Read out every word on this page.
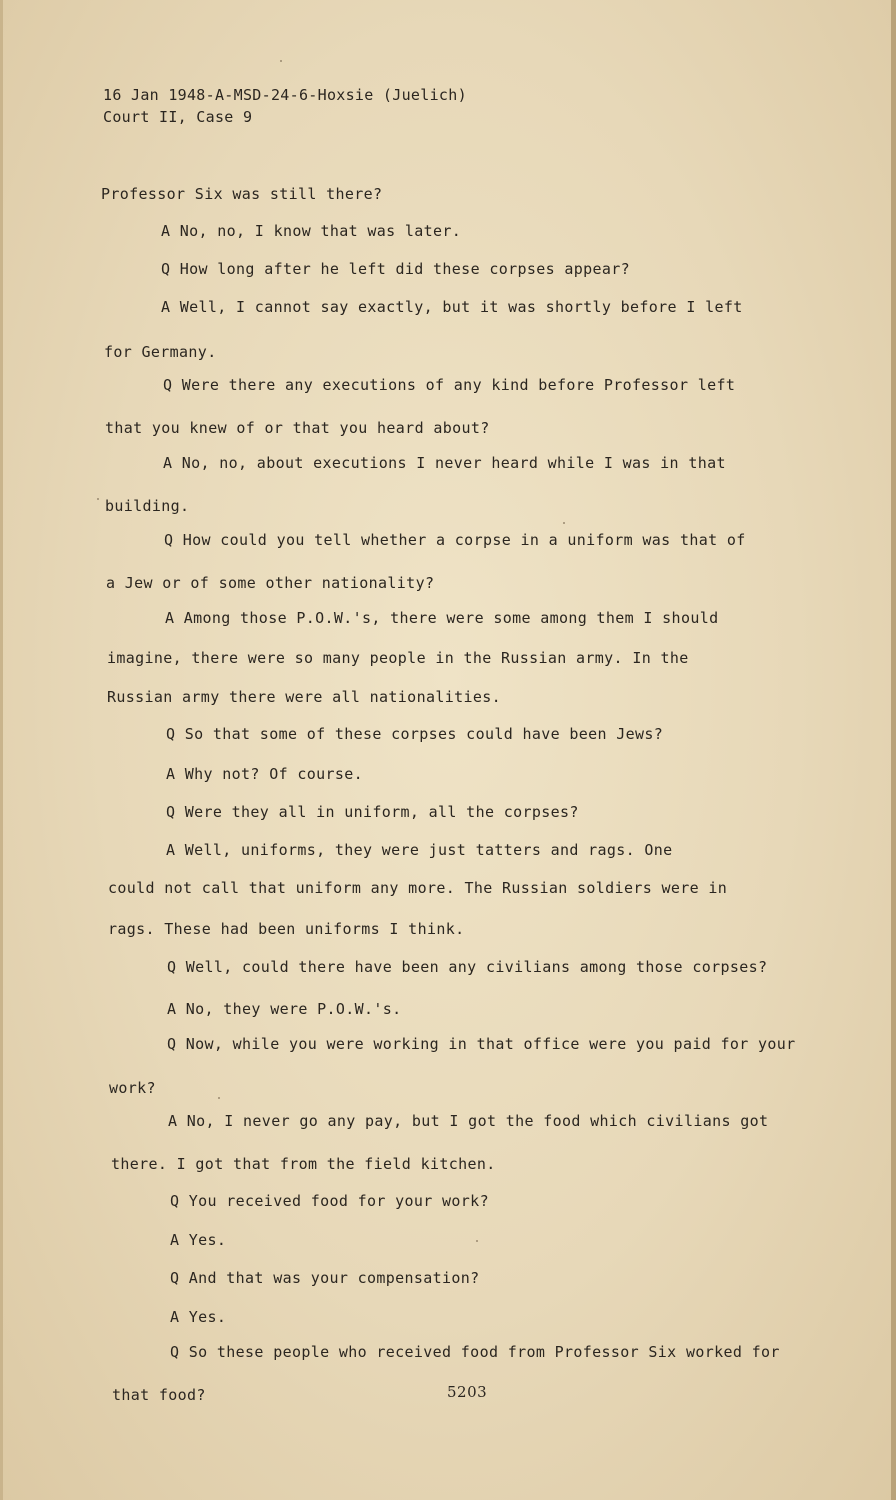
16 Jan 1948-A-MSD-24-6-Hoxsie (Juelich)
Court II, Case 9
Professor Six was still there?
A No, no, I know that was later.
Q How long after he left did these corpses appear?
A Well, I cannot say exactly, but it was shortly before I left
for Germany.
Q Were there any executions of any kind before Professor left
that you knew of or that you heard about?
A No, no, about executions I never heard while I was in that
building.
Q How could you tell whether a corpse in a uniform was that of
a Jew or of some other nationality?
A Among those P.O.W.'s, there were some among them I should
imagine, there were so many people in the Russian army. In the
Russian army there were all nationalities.
Q So that some of these corpses could have been Jews?
A Why not? Of course.
Q Were they all in uniform, all the corpses?
A Well, uniforms, they were just tatters and rags. One
could not call that uniform any more. The Russian soldiers were in
rags. These had been uniforms I think.
Q Well, could there have been any civilians among those corpses?
A No, they were P.O.W.'s.
Q Now, while you were working in that office were you paid for your
work?
A No, I never go any pay, but I got the food which civilians got
there. I got that from the field kitchen.
Q You received food for your work?
A Yes.
Q And that was your compensation?
A Yes.
Q So these people who received food from Professor Six worked for
that food?	5203
